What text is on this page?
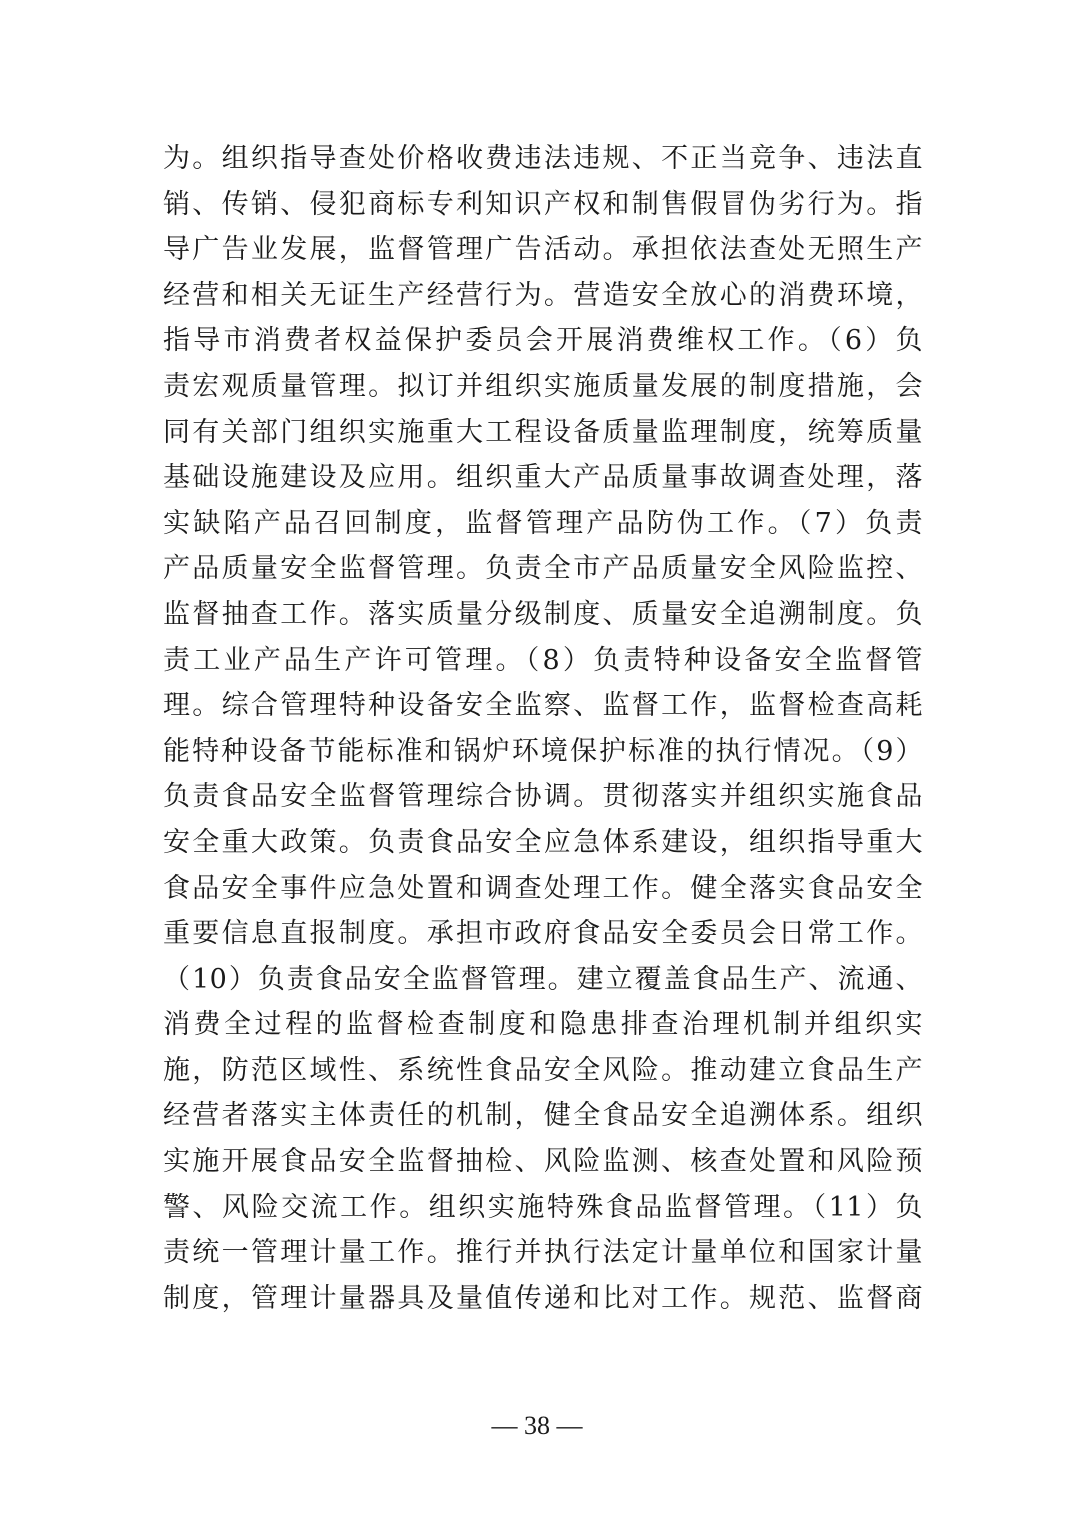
为。组织指导查处价格收费违法违规、不正当竞争、违法直
销、传销、侵犯商标专利知识产权和制售假冒伪劣行为。指
导广告业发展，监督管理广告活动。承担依法查处无照生产
经营和相关无证生产经营行为。营造安全放心的消费环境，
指导市消费者权益保护委员会开展消费维权工作。（6）负
责宏观质量管理。拟订并组织实施质量发展的制度措施，会
同有关部门组织实施重大工程设备质量监理制度，统筹质量
基础设施建设及应用。组织重大产品质量事故调查处理，落
实缺陷产品召回制度，监督管理产品防伪工作。（7）负责
产品质量安全监督管理。负责全市产品质量安全风险监控、
监督抽查工作。落实质量分级制度、质量安全追溯制度。负
责工业产品生产许可管理。（8）负责特种设备安全监督管
理。综合管理特种设备安全监察、监督工作，监督检查高耗
能特种设备节能标准和锅炉环境保护标准的执行情况。（9）
负责食品安全监督管理综合协调。贯彻落实并组织实施食品
安全重大政策。负责食品安全应急体系建设，组织指导重大
食品安全事件应急处置和调查处理工作。健全落实食品安全
重要信息直报制度。承担市政府食品安全委员会日常工作。
（10）负责食品安全监督管理。建立覆盖食品生产、流通、
消费全过程的监督检查制度和隐患排查治理机制并组织实
施，防范区域性、系统性食品安全风险。推动建立食品生产
经营者落实主体责任的机制，健全食品安全追溯体系。组织
实施开展食品安全监督抽检、风险监测、核查处置和风险预
警、风险交流工作。组织实施特殊食品监督管理。（11）负
责统一管理计量工作。推行并执行法定计量单位和国家计量
制度，管理计量器具及量值传递和比对工作。规范、监督商
— 38 —
